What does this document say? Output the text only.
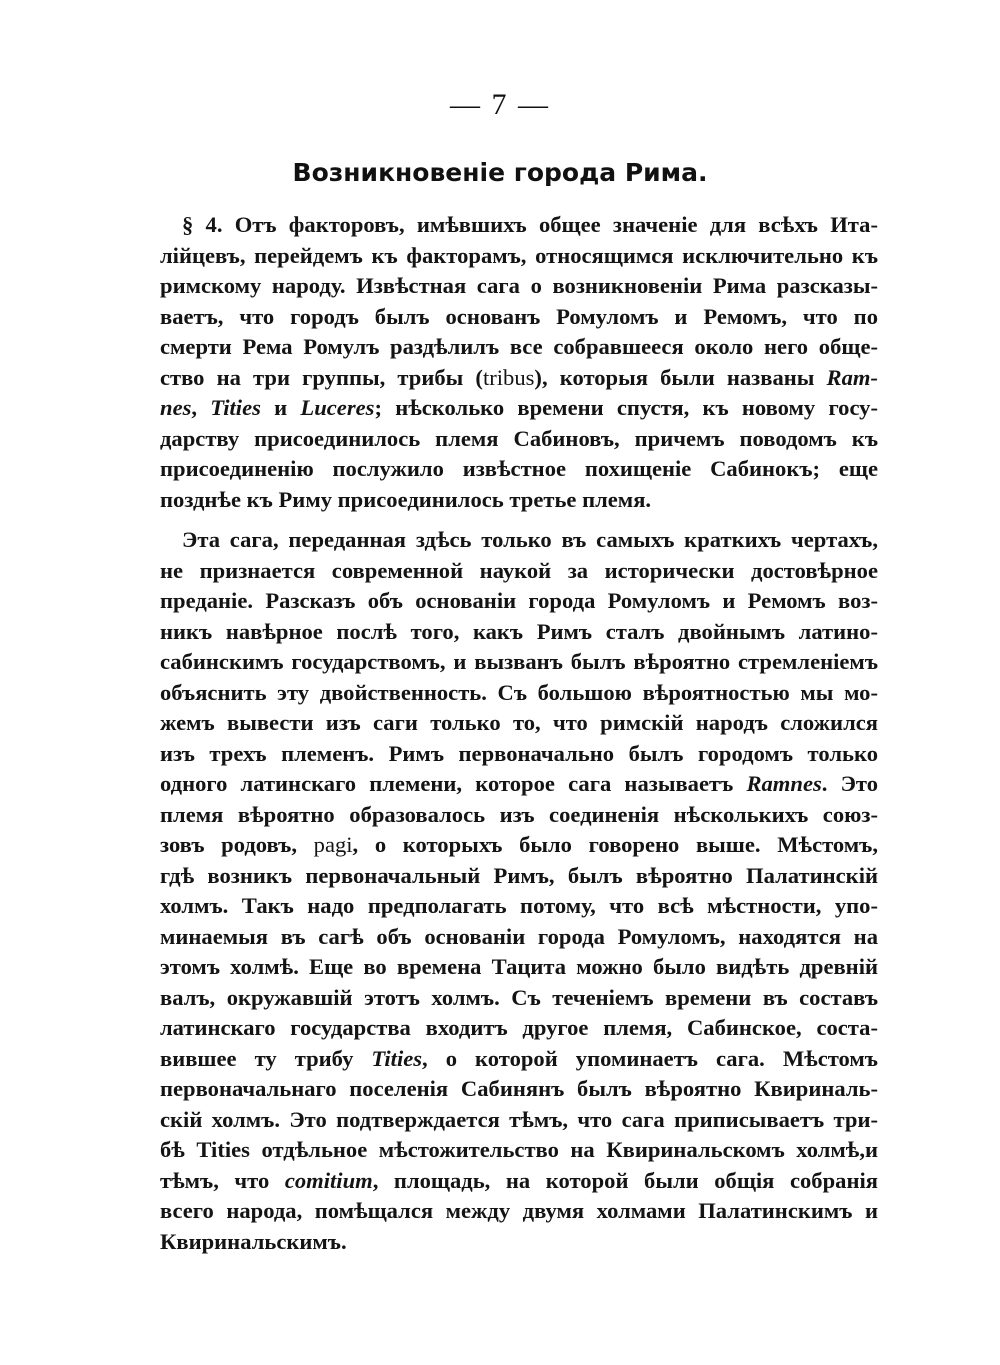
— 7 —
Возникновеніе города Рима.
§ 4. Отъ факторовъ, имѣвшихъ общее значеніе для всѣхъ Ита-
лійцевъ, перейдемъ къ факторамъ, относящимся исключительно къ
римскому народу. Извѣстная сага о возникновеніи Рима разсказы-
ваетъ, что городъ былъ основанъ Ромуломъ и Ремомъ, что по
смерти Рема Ромулъ раздѣлилъ все собравшееся около него обще-
ство на три группы, трибы (tribus), которыя были названы Ram-
nes, Tities и Luceres; нѣсколько времени спустя, къ новому госу-
дарству присоединилось племя Сабиновъ, причемъ поводомъ къ
присоединенію послужило извѣстное похищеніе Сабинокъ; еще
позднѣе къ Риму присоединилось третье племя.
Эта сага, переданная здѣсь только въ самыхъ краткихъ чертахъ,
не признается современной наукой за исторически достовѣрное
преданіе. Разсказъ объ основаніи города Ромуломъ и Ремомъ воз-
никъ навѣрное послѣ того, какъ Римъ сталъ двойнымъ латино-
сабинскимъ государствомъ, и вызванъ былъ вѣроятно стремленіемъ
объяснить эту двойственность. Съ большою вѣроятностью мы мо-
жемъ вывести изъ саги только то, что римскій народъ сложился
изъ трехъ племенъ. Римъ первоначально былъ городомъ только
одного латинскаго племени, которое сага называетъ Ramnes. Это
племя вѣроятно образовалось изъ соединенія нѣсколькихъ союз-
зовъ родовъ, pagi, о которыхъ было говорено выше. Мѣстомъ,
гдѣ возникъ первоначальный Римъ, былъ вѣроятно Палатинскій
холмъ. Такъ надо предполагать потому, что всѣ мѣстности, упо-
минаемыя въ сагѣ объ основаніи города Ромуломъ, находятся на
этомъ холмѣ. Еще во времена Тацита можно было видѣть древній
валъ, окружавшій этотъ холмъ. Съ теченіемъ времени въ составъ
латинскаго государства входитъ другое племя, Сабинское, соста-
вившее ту трибу Tities, о которой упоминаетъ сага. Мѣстомъ
первоначальнаго поселенія Сабинянъ былъ вѣроятно Квириналь-
скій холмъ. Это подтверждается тѣмъ, что сага приписываетъ три-
бѣ Tities отдѣльное мѣстожительство на Квиринальскомъ холмѣ,и
тѣмъ, что comitium, площадь, на которой были общія собранія
всего народа, помѣщался между двумя холмами Палатинскимъ и
Квиринальскимъ.
